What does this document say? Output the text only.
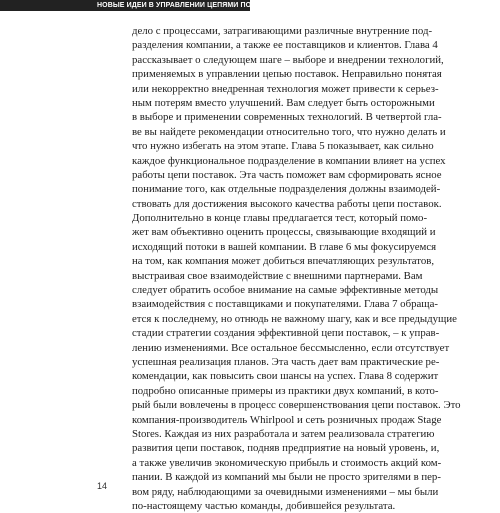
НОВЫЕ ИДЕИ В УПРАВЛЕНИИ ЦЕПЯМИ ПОСТАВОК
дело с процессами, затрагивающими различные внутренние под-
разделения компании, а также ее поставщиков и клиентов. Глава 4
рассказывает о следующем шаге – выборе и внедрении технологий,
применяемых в управлении цепью поставок. Неправильно понятая
или некорректно внедренная технология может привести к серьез-
ным потерям вместо улучшений. Вам следует быть осторожными
в выборе и применении современных технологий. В четвертой гла-
ве вы найдете рекомендации относительно того, что нужно делать и
что нужно избегать на этом этапе. Глава 5 показывает, как сильно
каждое функциональное подразделение в компании влияет на успех
работы цепи поставок. Эта часть поможет вам сформировать ясное
понимание того, как отдельные подразделения должны взаимодей-
ствовать для достижения высокого качества работы цепи поставок.
Дополнительно в конце главы предлагается тест, который помо-
жет вам объективно оценить процессы, связывающие входящий и
исходящий потоки в вашей компании. В главе 6 мы фокусируемся
на том, как компания может добиться впечатляющих результатов,
выстраивая свое взаимодействие с внешними партнерами. Вам
следует обратить особое внимание на самые эффективные методы
взаимодействия с поставщиками и покупателями. Глава 7 обраща-
ется к последнему, но отнюдь не важному шагу, как и все предыдущие
стадии стратегии создания эффективной цепи поставок, – к управ-
лению изменениями. Все остальное бессмысленно, если отсутствует
успешная реализация планов. Эта часть дает вам практические ре-
комендации, как повысить свои шансы на успех. Глава 8 содержит
подробно описанные примеры из практики двух компаний, в кото-
рый были вовлечены в процесс совершенствования цепи поставок. Это
компания-производитель Whirlpool и сеть розничных продаж Stage
Stores. Каждая из них разработала и затем реализовала стратегию
развития цепи поставок, подняв предприятие на новый уровень, и,
а также увеличив экономическую прибыль и стоимость акций ком-
пании. В каждой из компаний мы были не просто зрителями в пер-
вом ряду, наблюдающими за очевидными изменениями – мы были
по-настоящему частью команды, добившейся результата.
14
